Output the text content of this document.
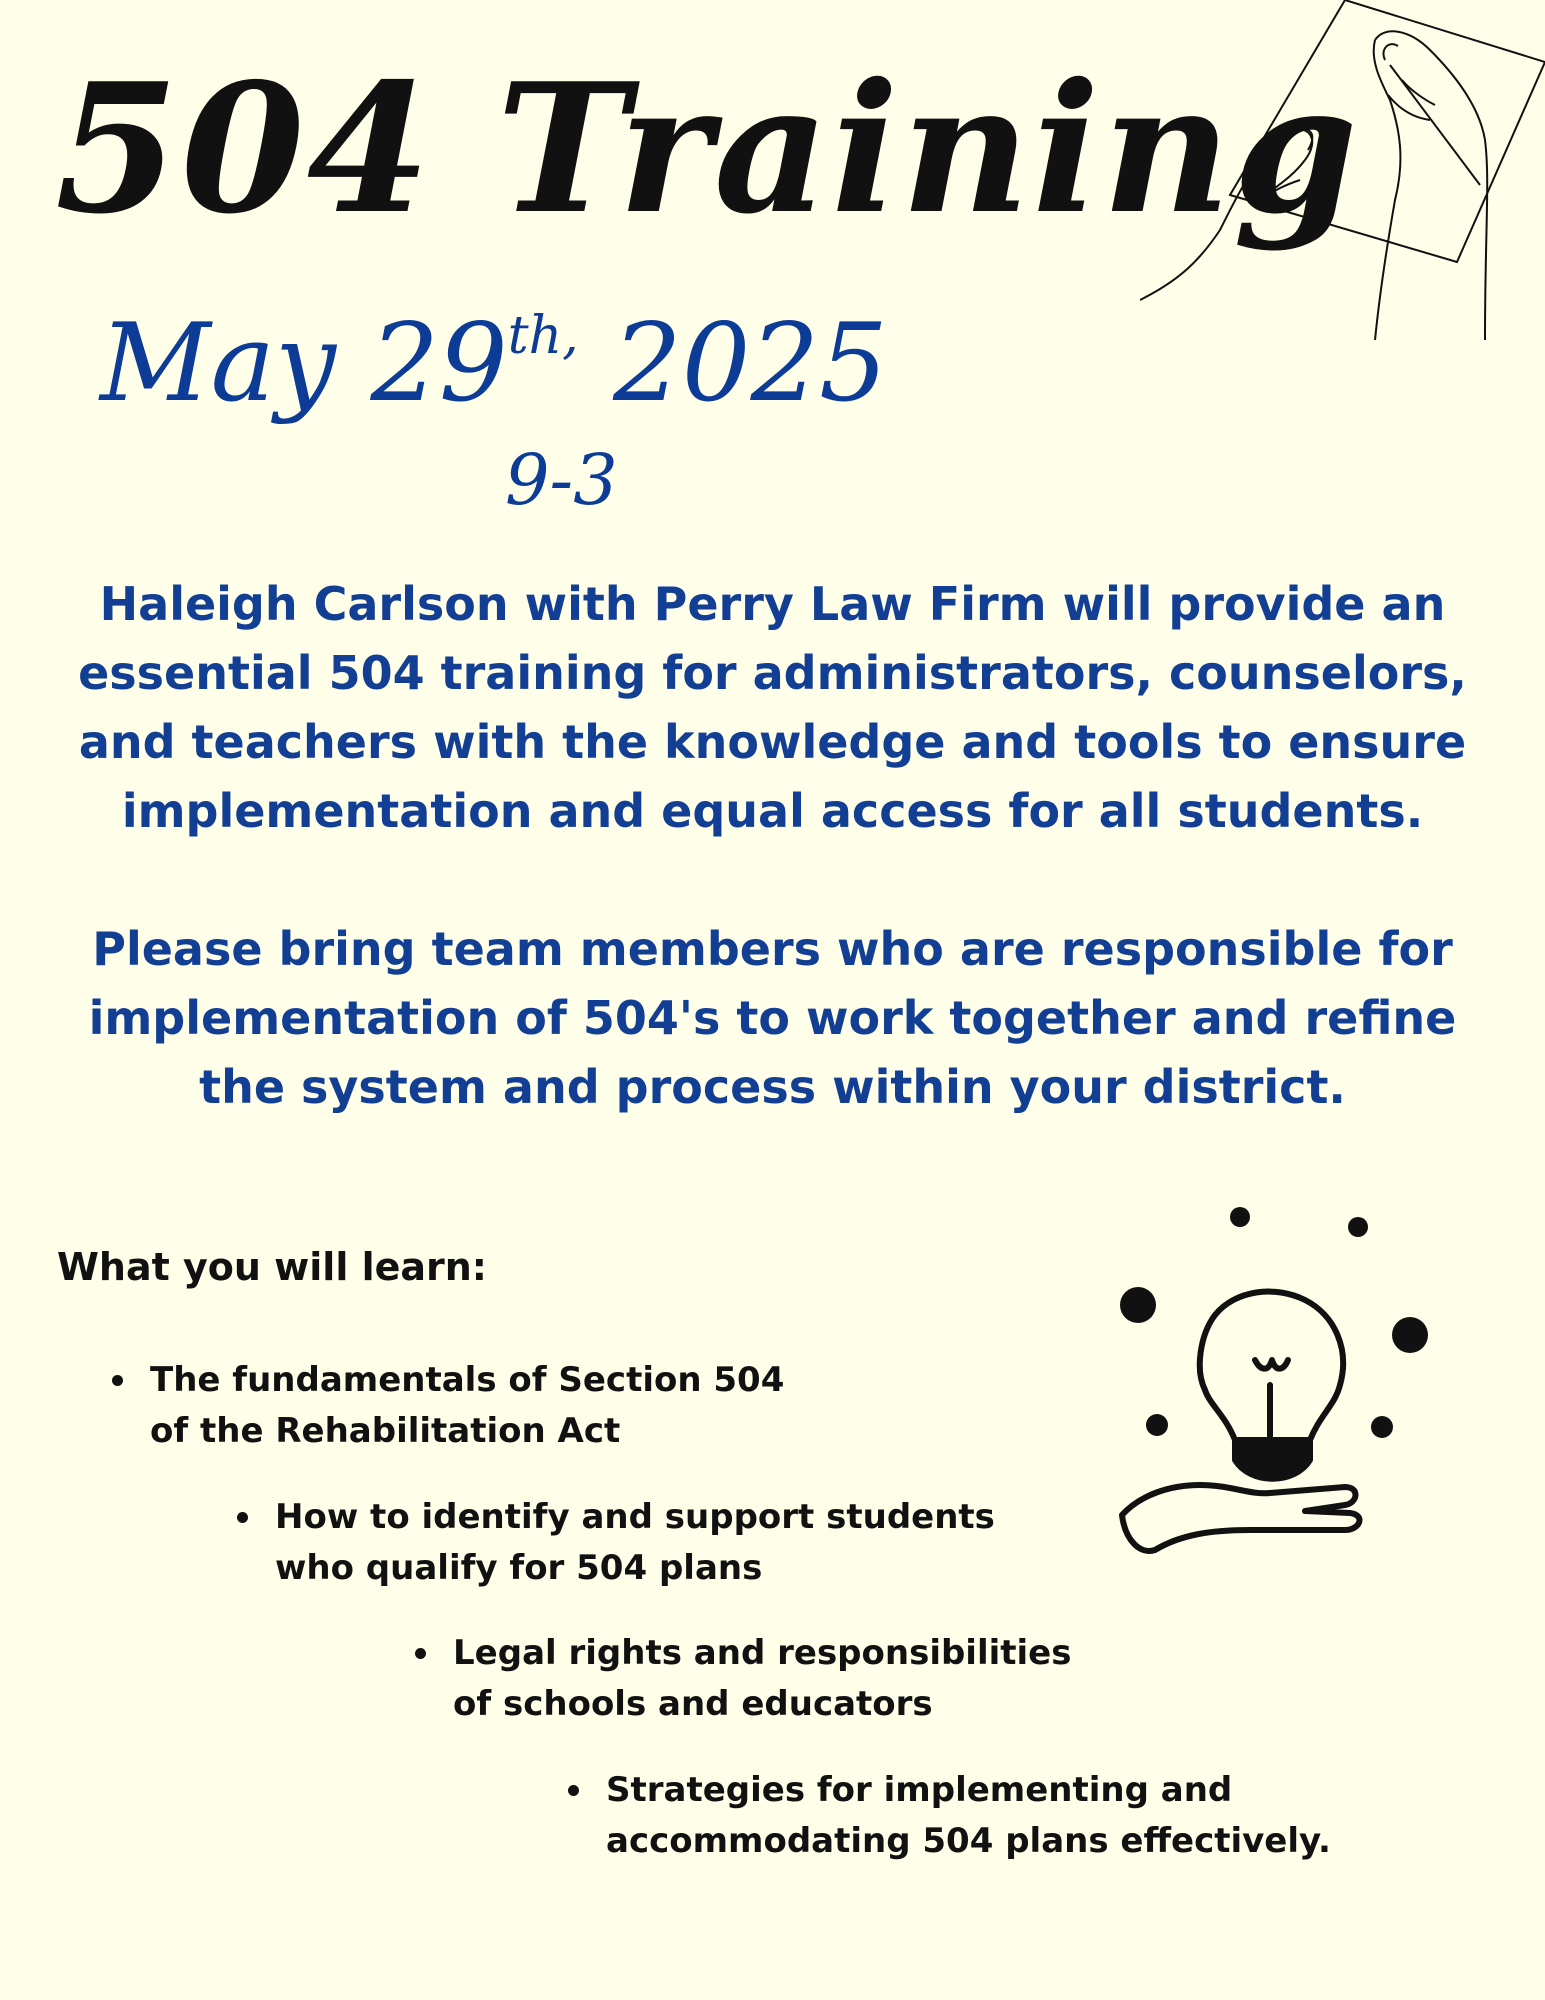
504 Training
May $29^{th,}$ 2025
9-3

Haleigh Carlson with Perry Law Firm will provide an essential 504 training for administrators, counselors, and teachers with the knowledge and tools to ensure implementation and equal access for all students.

Please bring team members who are responsible for implementation of 504's to work together and refine the system and process within your district.

What you will learn:
The fundamentals of Section 504
of the Rehabilitation Act
How to identify and support students
who qualify for 504 plans
Legal rights and responsibilities
of schools and educators
Strategies for implementing and
accommodating 504 plans effectively.
